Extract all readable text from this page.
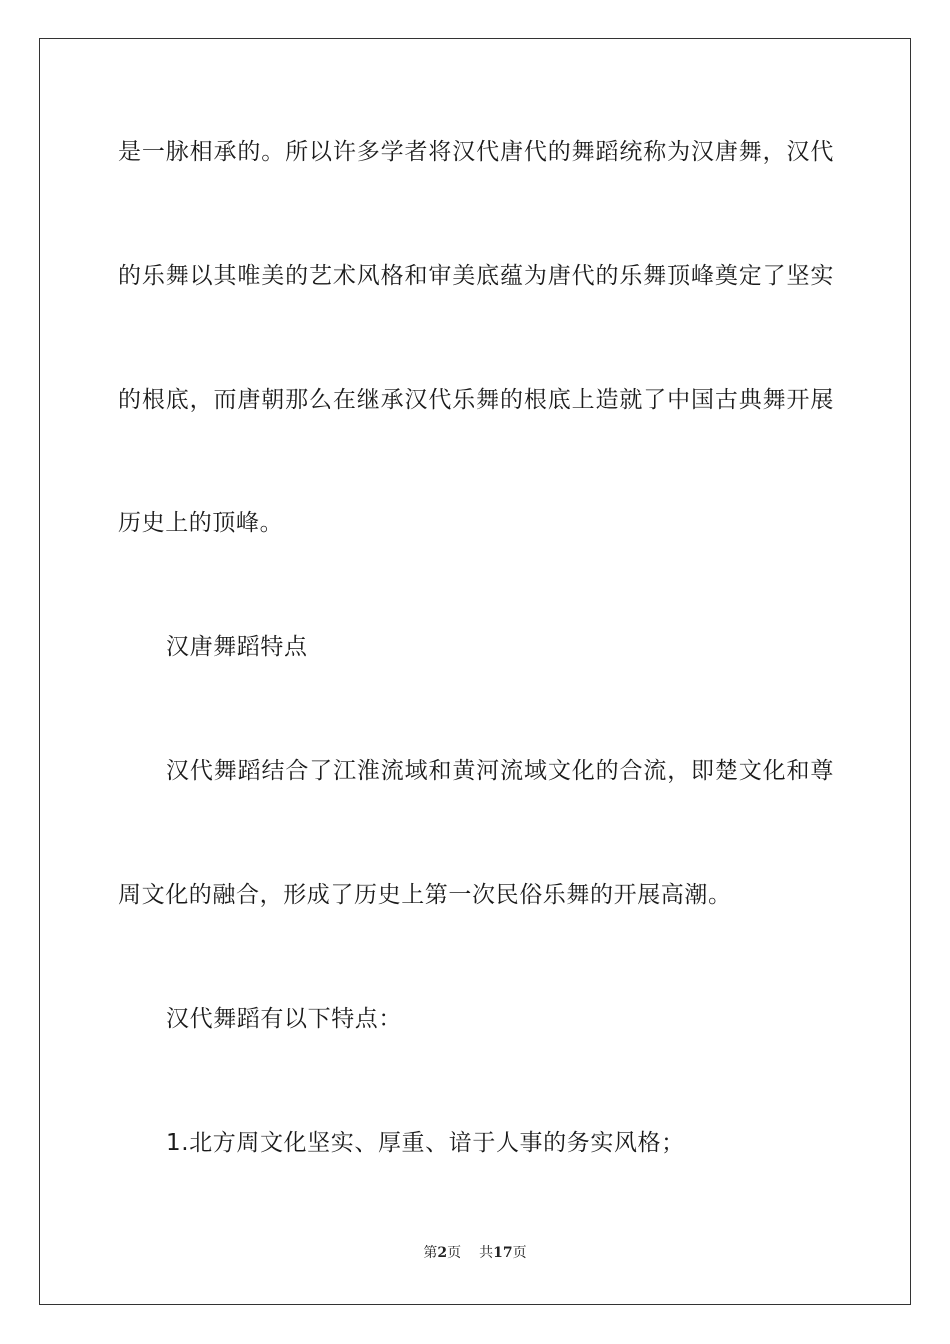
是一脉相承的。所以许多学者将汉代唐代的舞蹈统称为汉唐舞，汉代
的乐舞以其唯美的艺术风格和审美底蕴为唐代的乐舞顶峰奠定了坚实
的根底，而唐朝那么在继承汉代乐舞的根底上造就了中国古典舞开展
历史上的顶峰。
汉唐舞蹈特点
汉代舞蹈结合了江淮流域和黄河流域文化的合流，即楚文化和尊
周文化的融合，形成了历史上第一次民俗乐舞的开展高潮。
汉代舞蹈有以下特点：
1.北方周文化坚实、厚重、谙于人事的务实风格；
第2页 共17页
